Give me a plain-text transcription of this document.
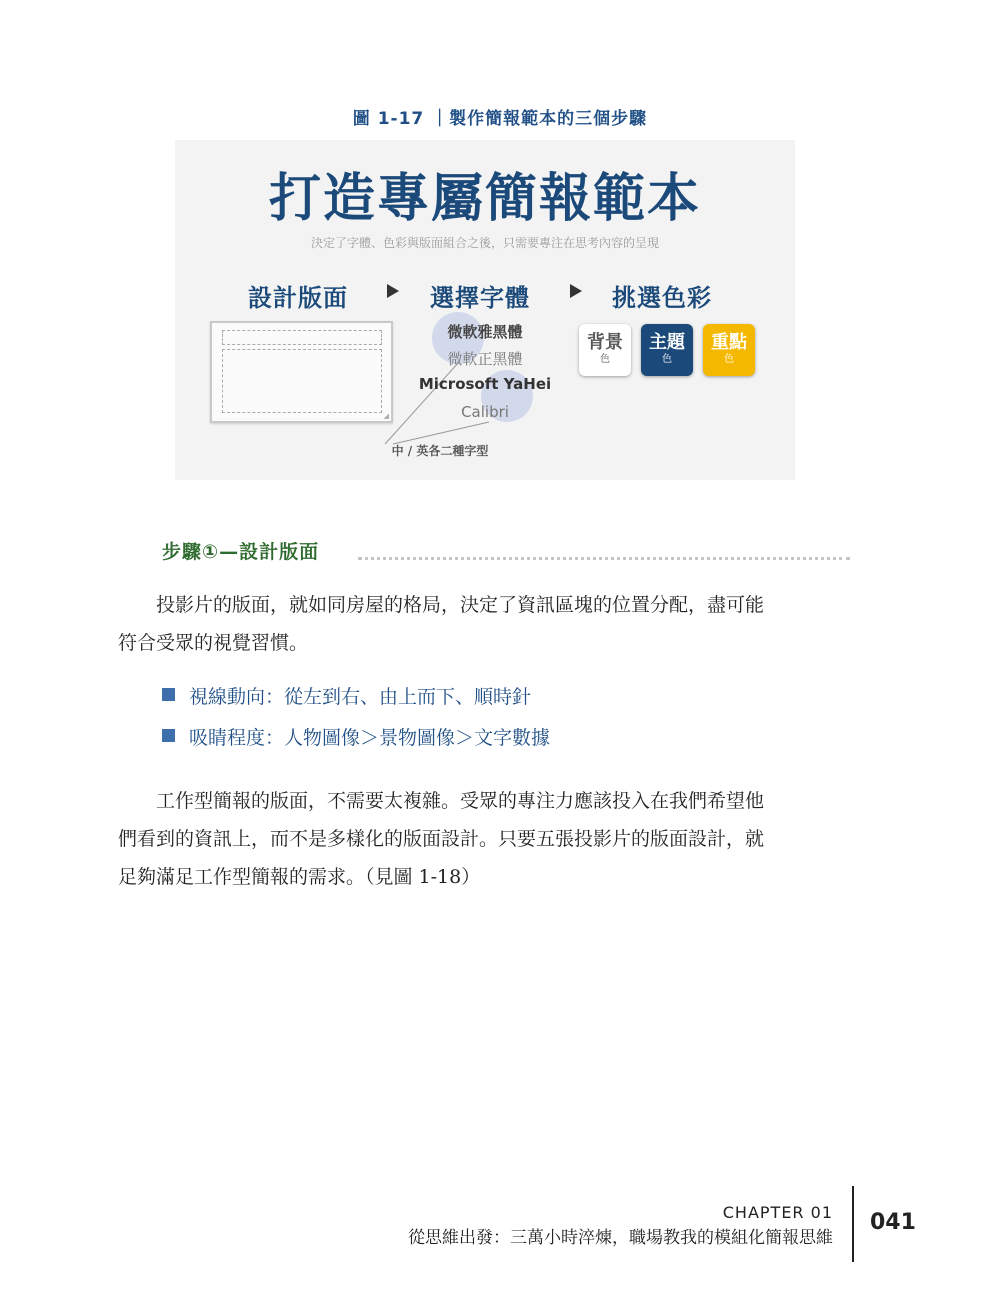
圖 1-17 ｜製作簡報範本的三個步驟
打造專屬簡報範本
決定了字體、色彩與版面組合之後，只需要專注在思考內容的呈現
設計版面	選擇字體	挑選色彩
◢
微軟雅黑體
微軟正黑體
Microsoft YaHei
Calibri
中 / 英各二種字型
背景
色
主題
色
重點
色
步驟①—設計版面
　　投影片的版面，就如同房屋的格局，決定了資訊區塊的位置分配，盡可能
符合受眾的視覺習慣。
視線動向：從左到右、由上而下、順時針
吸睛程度：人物圖像＞景物圖像＞文字數據
　　工作型簡報的版面，不需要太複雜。受眾的專注力應該投入在我們希望他
們看到的資訊上，而不是多樣化的版面設計。只要五張投影片的版面設計，就
足夠滿足工作型簡報的需求。（見圖 1-18）
CHAPTER 01
從思維出發：三萬小時淬煉，職場教我的模組化簡報思維
041
